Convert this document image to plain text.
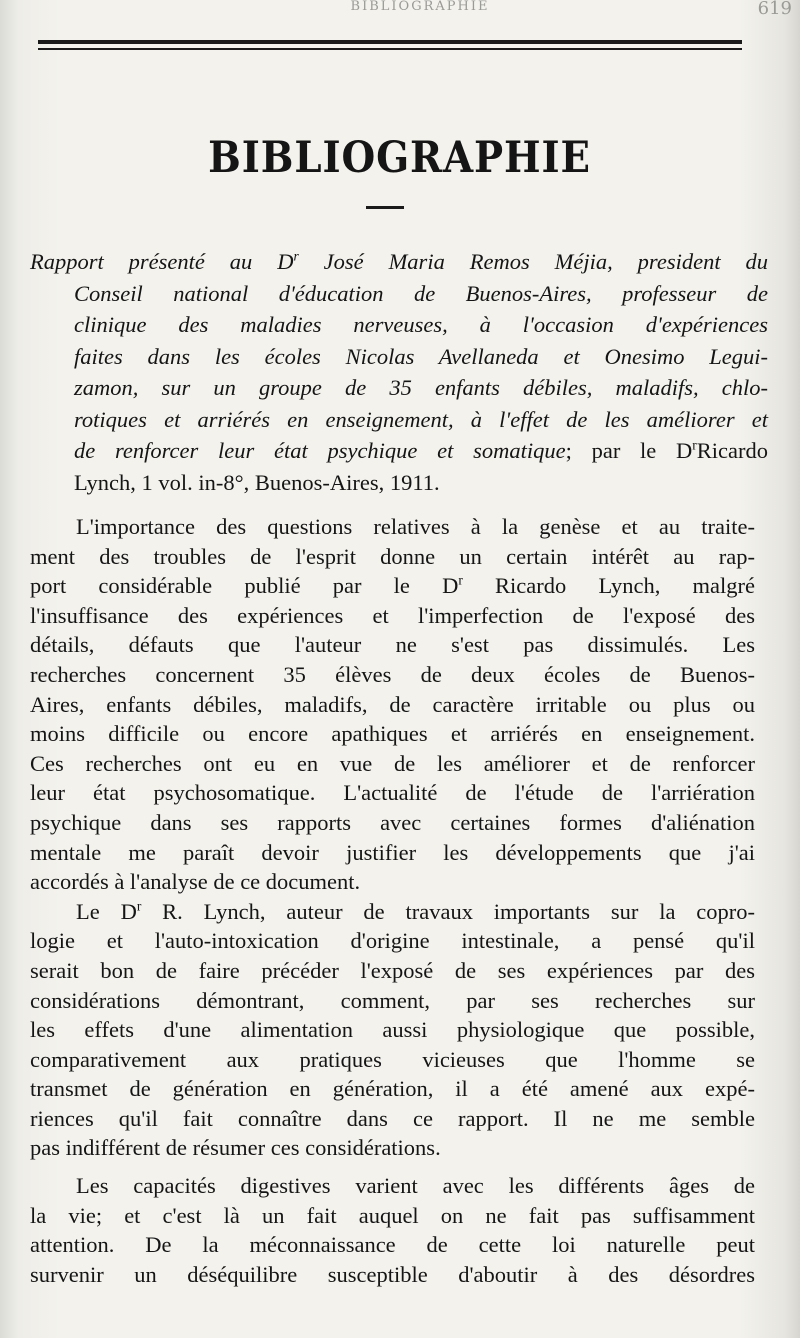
BIBLIOGRAPHIE	619
BIBLIOGRAPHIE
Rapport présenté au $D^r$ José Maria Remos Méjia, president du
Conseil national d'éducation de Buenos-Aires, professeur de
clinique des maladies nerveuses, à l'occasion d'expériences
faites dans les écoles Nicolas Avellaneda et Onesimo Legui-
zamon, sur un groupe de 35 enfants débiles, maladifs, chlo-
rotiques et arriérés en enseignement, à l'effet de les améliorer et
de renforcer leur état psychique et somatique; par le $D^rRicardo$
Lynch, 1 vol. in-8°, Buenos-Aires, 1911.

L'importance des questions relatives à la genèse et au traite-
ment des troubles de l'esprit donne un certain intérêt au rap-
port considérable publié par le $D^r$ Ricardo Lynch, malgré
l'insuffisance des expériences et l'imperfection de l'exposé des
détails, défauts que l'auteur ne s'est pas dissimulés. Les
recherches concernent 35 élèves de deux écoles de Buenos-
Aires, enfants débiles, maladifs, de caractère irritable ou plus ou
moins difficile ou encore apathiques et arriérés en enseignement.
Ces recherches ont eu en vue de les améliorer et de renforcer
leur état psychosomatique. L'actualité de l'étude de l'arriération
psychique dans ses rapports avec certaines formes d'aliénation
mentale me paraît devoir justifier les développements que j'ai
accordés à l'analyse de ce document.

Le $D^r$ R. Lynch, auteur de travaux importants sur la copro-
logie et l'auto-intoxication d'origine intestinale, a pensé qu'il
serait bon de faire précéder l'exposé de ses expériences par des
considérations démontrant, comment, par ses recherches sur
les effets d'une alimentation aussi physiologique que possible,
comparativement aux pratiques vicieuses que l'homme se
transmet de génération en génération, il a été amené aux expé-
riences qu'il fait connaître dans ce rapport. Il ne me semble
pas indifférent de résumer ces considérations.

Les capacités digestives varient avec les différents âges de
la vie; et c'est là un fait auquel on ne fait pas suffisamment
attention. De la méconnaissance de cette loi naturelle peut
survenir un déséquilibre susceptible d'aboutir à des désordres
